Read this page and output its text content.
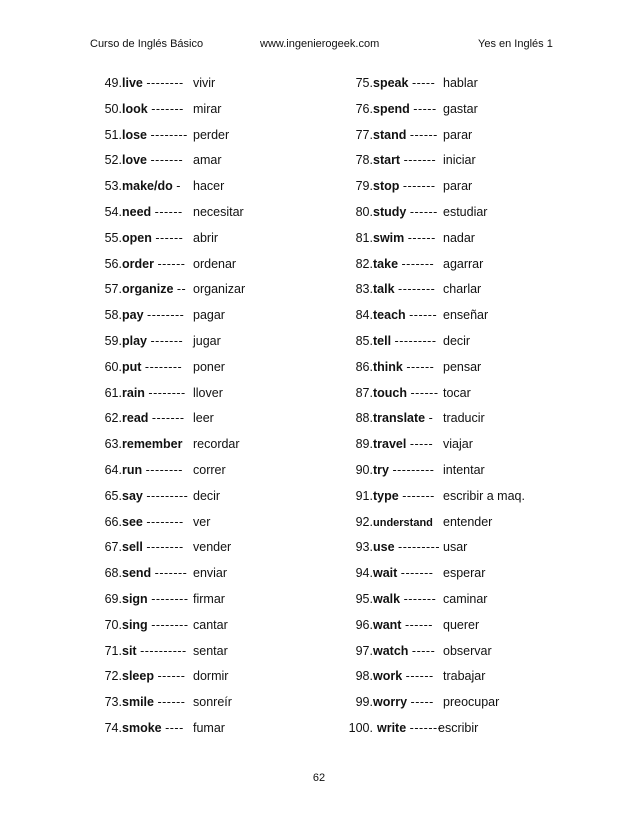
Curso de Inglés Básico	www.ingenierogeek.com	Yes en Inglés 1
49.live -------- vivir
50.look ------- mirar
51.lose -------- perder
52.love ------- amar
53.make/do - hacer
54.need ------ necesitar
55.open ------ abrir
56.order ------ ordenar
57.organize -- organizar
58.pay -------- pagar
59.play ------- jugar
60.put -------- poner
61.rain -------- llover
62.read ------- leer
63.remember recordar
64.run -------- correr
65.say --------- decir
66.see -------- ver
67.sell -------- vender
68.send ------- enviar
69.sign -------- firmar
70.sing -------- cantar
71.sit ---------- sentar
72.sleep ------ dormir
73.smile ------ sonreír
74.smoke ---- fumar
75.speak ----- hablar
76.spend ----- gastar
77.stand ------ parar
78.start ------- iniciar
79.stop ------- parar
80.study ------ estudiar
81.swim ------ nadar
82.take ------- agarrar
83.talk -------- charlar
84.teach ------ enseñar
85.tell --------- decir
86.think ------ pensar
87.touch ------ tocar
88.translate - traducir
89.travel ----- viajar
90.try --------- intentar
91.type ------- escribir a maq.
92.understand entender
93.use --------- usar
94.wait ------- esperar
95.walk ------- caminar
96.want ------ querer
97.watch ----- observar
98.work ------ trabajar
99.worry ----- preocupar
100. write -------
escribir
62
